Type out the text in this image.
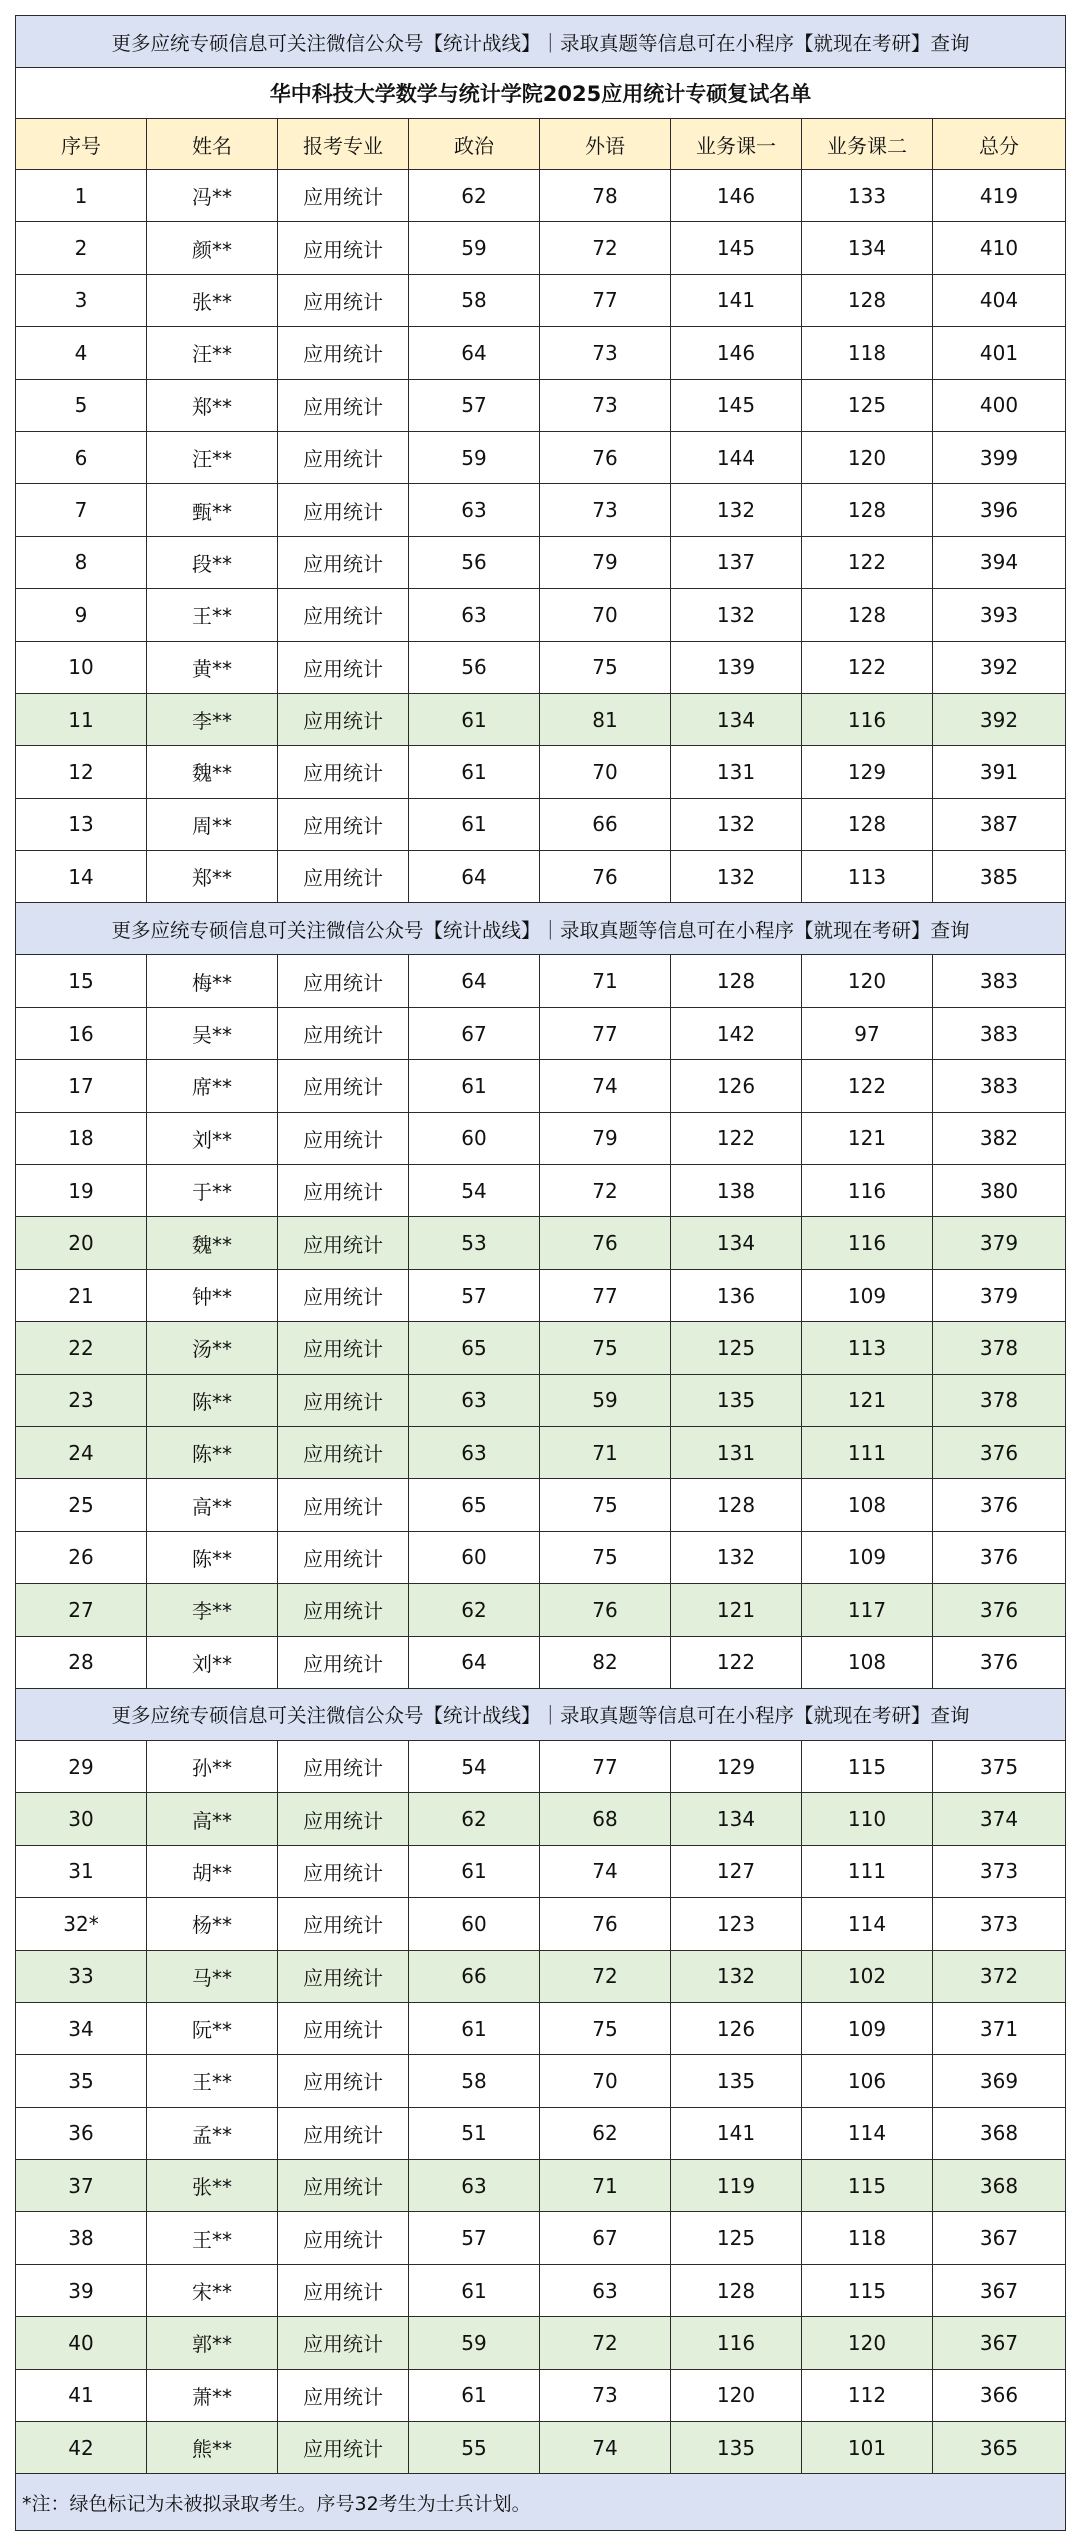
更多应统专硕信息可关注微信公众号【统计战线】｜录取真题等信息可在小程序【就现在考研】查询							
华中科技大学数学与统计学院2025应用统计专硕复试名单							
序号	姓名	报考专业	政治	外语	业务课一	业务课二	总分
1	冯**	应用统计	62	78	146	133	419
2	颜**	应用统计	59	72	145	134	410
3	张**	应用统计	58	77	141	128	404
4	汪**	应用统计	64	73	146	118	401
5	郑**	应用统计	57	73	145	125	400
6	汪**	应用统计	59	76	144	120	399
7	甄**	应用统计	63	73	132	128	396
8	段**	应用统计	56	79	137	122	394
9	王**	应用统计	63	70	132	128	393
10	黄**	应用统计	56	75	139	122	392
11	李**	应用统计	61	81	134	116	392
12	魏**	应用统计	61	70	131	129	391
13	周**	应用统计	61	66	132	128	387
14	郑**	应用统计	64	76	132	113	385
更多应统专硕信息可关注微信公众号【统计战线】｜录取真题等信息可在小程序【就现在考研】查询							
15	梅**	应用统计	64	71	128	120	383
16	吴**	应用统计	67	77	142	97	383
17	席**	应用统计	61	74	126	122	383
18	刘**	应用统计	60	79	122	121	382
19	于**	应用统计	54	72	138	116	380
20	魏**	应用统计	53	76	134	116	379
21	钟**	应用统计	57	77	136	109	379
22	汤**	应用统计	65	75	125	113	378
23	陈**	应用统计	63	59	135	121	378
24	陈**	应用统计	63	71	131	111	376
25	高**	应用统计	65	75	128	108	376
26	陈**	应用统计	60	75	132	109	376
27	李**	应用统计	62	76	121	117	376
28	刘**	应用统计	64	82	122	108	376
更多应统专硕信息可关注微信公众号【统计战线】｜录取真题等信息可在小程序【就现在考研】查询							
29	孙**	应用统计	54	77	129	115	375
30	高**	应用统计	62	68	134	110	374
31	胡**	应用统计	61	74	127	111	373
32*	杨**	应用统计	60	76	123	114	373
33	马**	应用统计	66	72	132	102	372
34	阮**	应用统计	61	75	126	109	371
35	王**	应用统计	58	70	135	106	369
36	孟**	应用统计	51	62	141	114	368
37	张**	应用统计	63	71	119	115	368
38	王**	应用统计	57	67	125	118	367
39	宋**	应用统计	61	63	128	115	367
40	郭**	应用统计	59	72	116	120	367
41	萧**	应用统计	61	73	120	112	366
42	熊**	应用统计	55	74	135	101	365
*注：绿色标记为未被拟录取考生。序号32考生为士兵计划。							
